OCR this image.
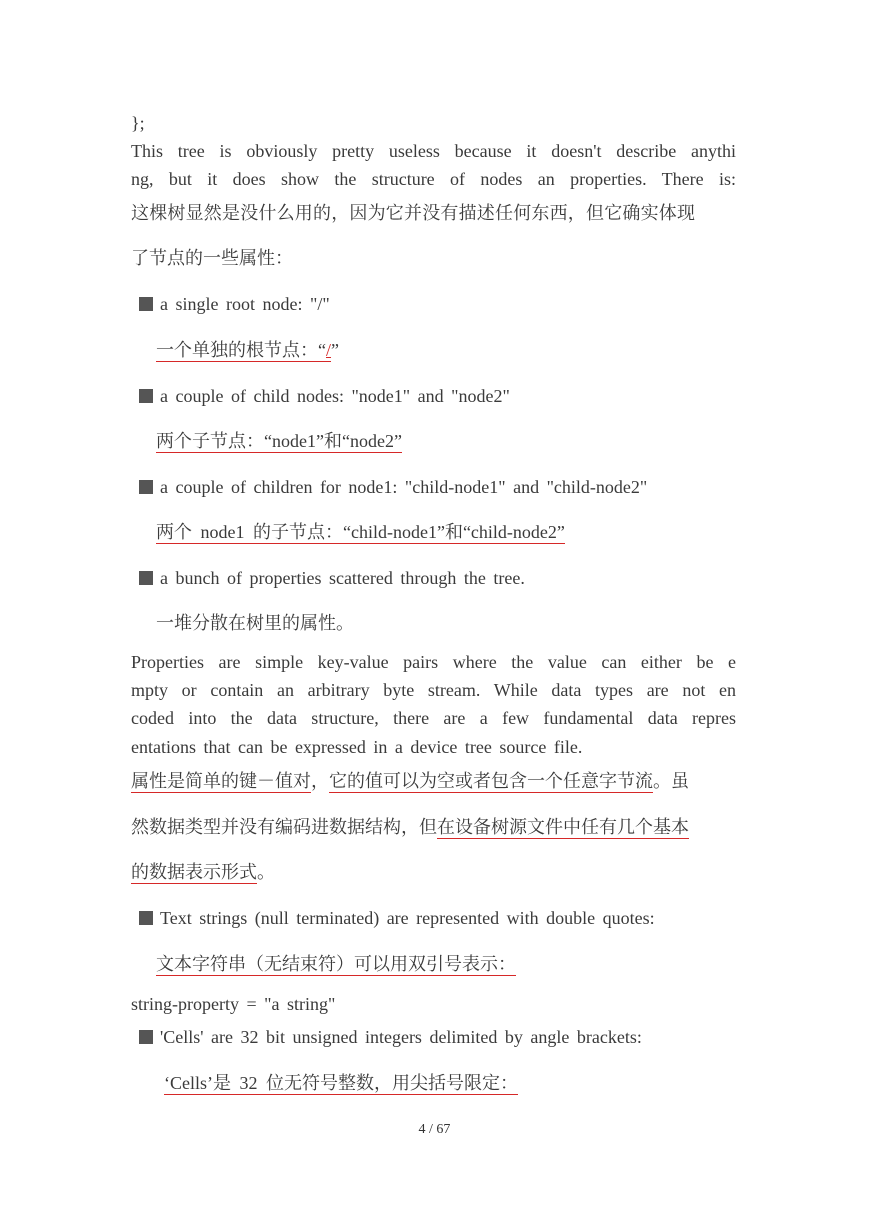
};
This tree is obviously pretty useless because it doesn't describe anythi
ng, but it does show the structure of nodes an properties. There is:
这棵树显然是没什么用的，因为它并没有描述任何东西，但它确实体现
了节点的一些属性：
a single root node: "/"
一个单独的根节点：“/”
a couple of child nodes: "node1" and "node2"
两个子节点：“node1”和“node2”
a couple of children for node1: "child-node1" and "child-node2"
两个 node1 的子节点：“child-node1”和“child-node2”
a bunch of properties scattered through the tree.
一堆分散在树里的属性。
Properties are simple key-value pairs where the value can either be e
mpty or contain an arbitrary byte stream. While data types are not en
coded into the data structure, there are a few fundamental data repres
entations that can be expressed in a device tree source file.
属性是简单的键－值对，它的值可以为空或者包含一个任意字节流。虽
然数据类型并没有编码进数据结构，但在设备树源文件中任有几个基本
的数据表示形式。
Text strings (null terminated) are represented with double quotes:
文本字符串（无结束符）可以用双引号表示：
string-property = "a string"
'Cells' are 32 bit unsigned integers delimited by angle brackets:
‘Cells’是 32 位无符号整数，用尖括号限定：
4 / 67
